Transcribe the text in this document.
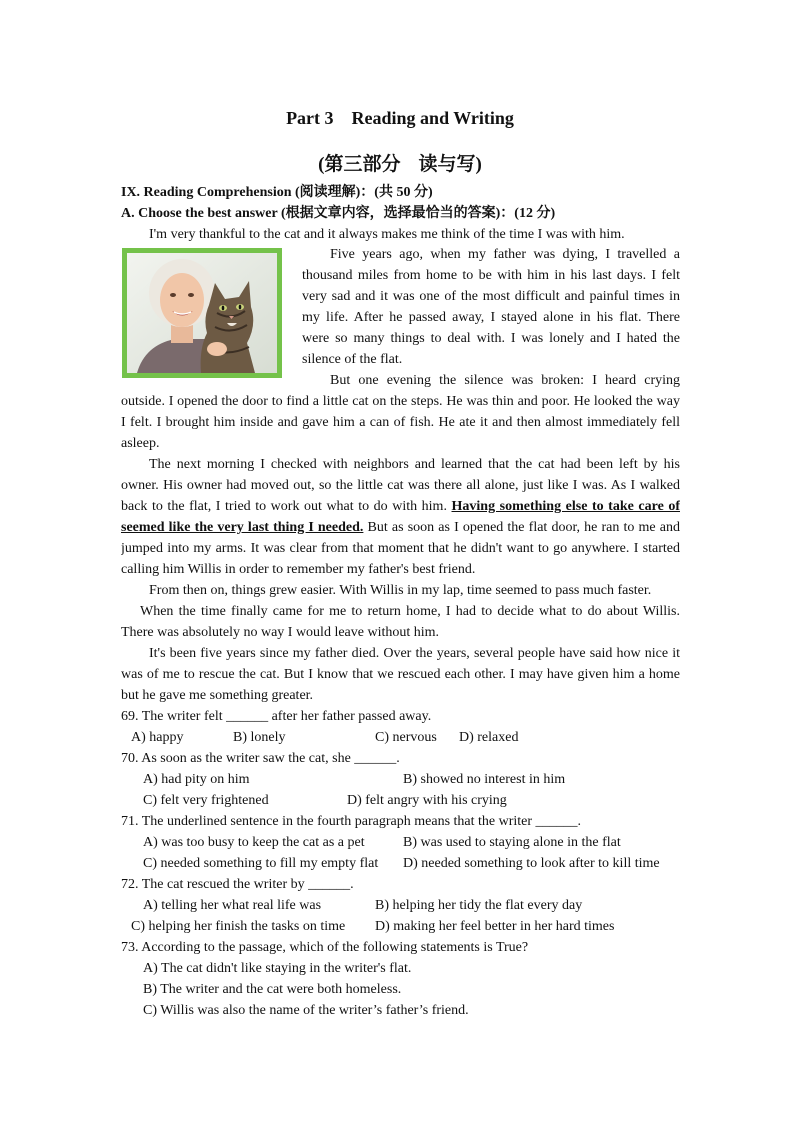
Part 3 Reading and Writing
(第三部分 读与写)
IX. Reading Comprehension (阅读理解)：(共 50 分)
A. Choose the best answer (根据文章内容，选择最恰当的答案)：(12 分)
I'm very thankful to the cat and it always makes me think of the time I was with him.
Five years ago, when my father was dying, I travelled a
thousand miles from home to be with him in his last days. I felt
very sad and it was one of the most difficult and painful times in
my life. After he passed away, I stayed alone in his flat. There
were so many things to deal with. I was lonely and I hated the
silence of the flat.
But one evening the silence was broken: I heard crying
outside. I opened the door to find a little cat on the steps. He was thin and poor. He looked the way
I felt. I brought him inside and gave him a can of fish. He ate it and then almost immediately fell
asleep.
The next morning I checked with neighbors and learned that the cat had been left by his
owner. His owner had moved out, so the little cat was there all alone, just like I was. As I walked
back to the flat, I tried to work out what to do with him. Having something else to take care of
seemed like the very last thing I needed. But as soon as I opened the flat door, he ran to me and
jumped into my arms. It was clear from that moment that he didn't want to go anywhere. I started
calling him Willis in order to remember my father's best friend.
From then on, things grew easier. With Willis in my lap, time seemed to pass much faster.
When the time finally came for me to return home, I had to decide what to do about Willis.
There was absolutely no way I would leave without him.
It's been five years since my father died. Over the years, several people have said how nice it
was of me to rescue the cat. But I know that we rescued each other. I may have given him a home
but he gave me something greater.
69. The writer felt ______ after her father passed away.
A) happy	B) lonely	C) nervous D) relaxed
70. As soon as the writer saw the cat, she ______.
A) had pity on him	B) showed no interest in him
C) felt very frightened	D) felt angry with his crying
71. The underlined sentence in the fourth paragraph means that the writer ______.
A) was too busy to keep the cat as a pet	B) was used to staying alone in the flat
C) needed something to fill my empty flat D) needed something to look after to kill time
72. The cat rescued the writer by ______.
A) telling her what real life was	B) helping her tidy the flat every day
C) helping her finish the tasks on time D) making her feel better in her hard times
73. According to the passage, which of the following statements is True?
A) The cat didn't like staying in the writer's flat.
B) The writer and the cat were both homeless.
C) Willis was also the name of the writer’s father’s friend.
